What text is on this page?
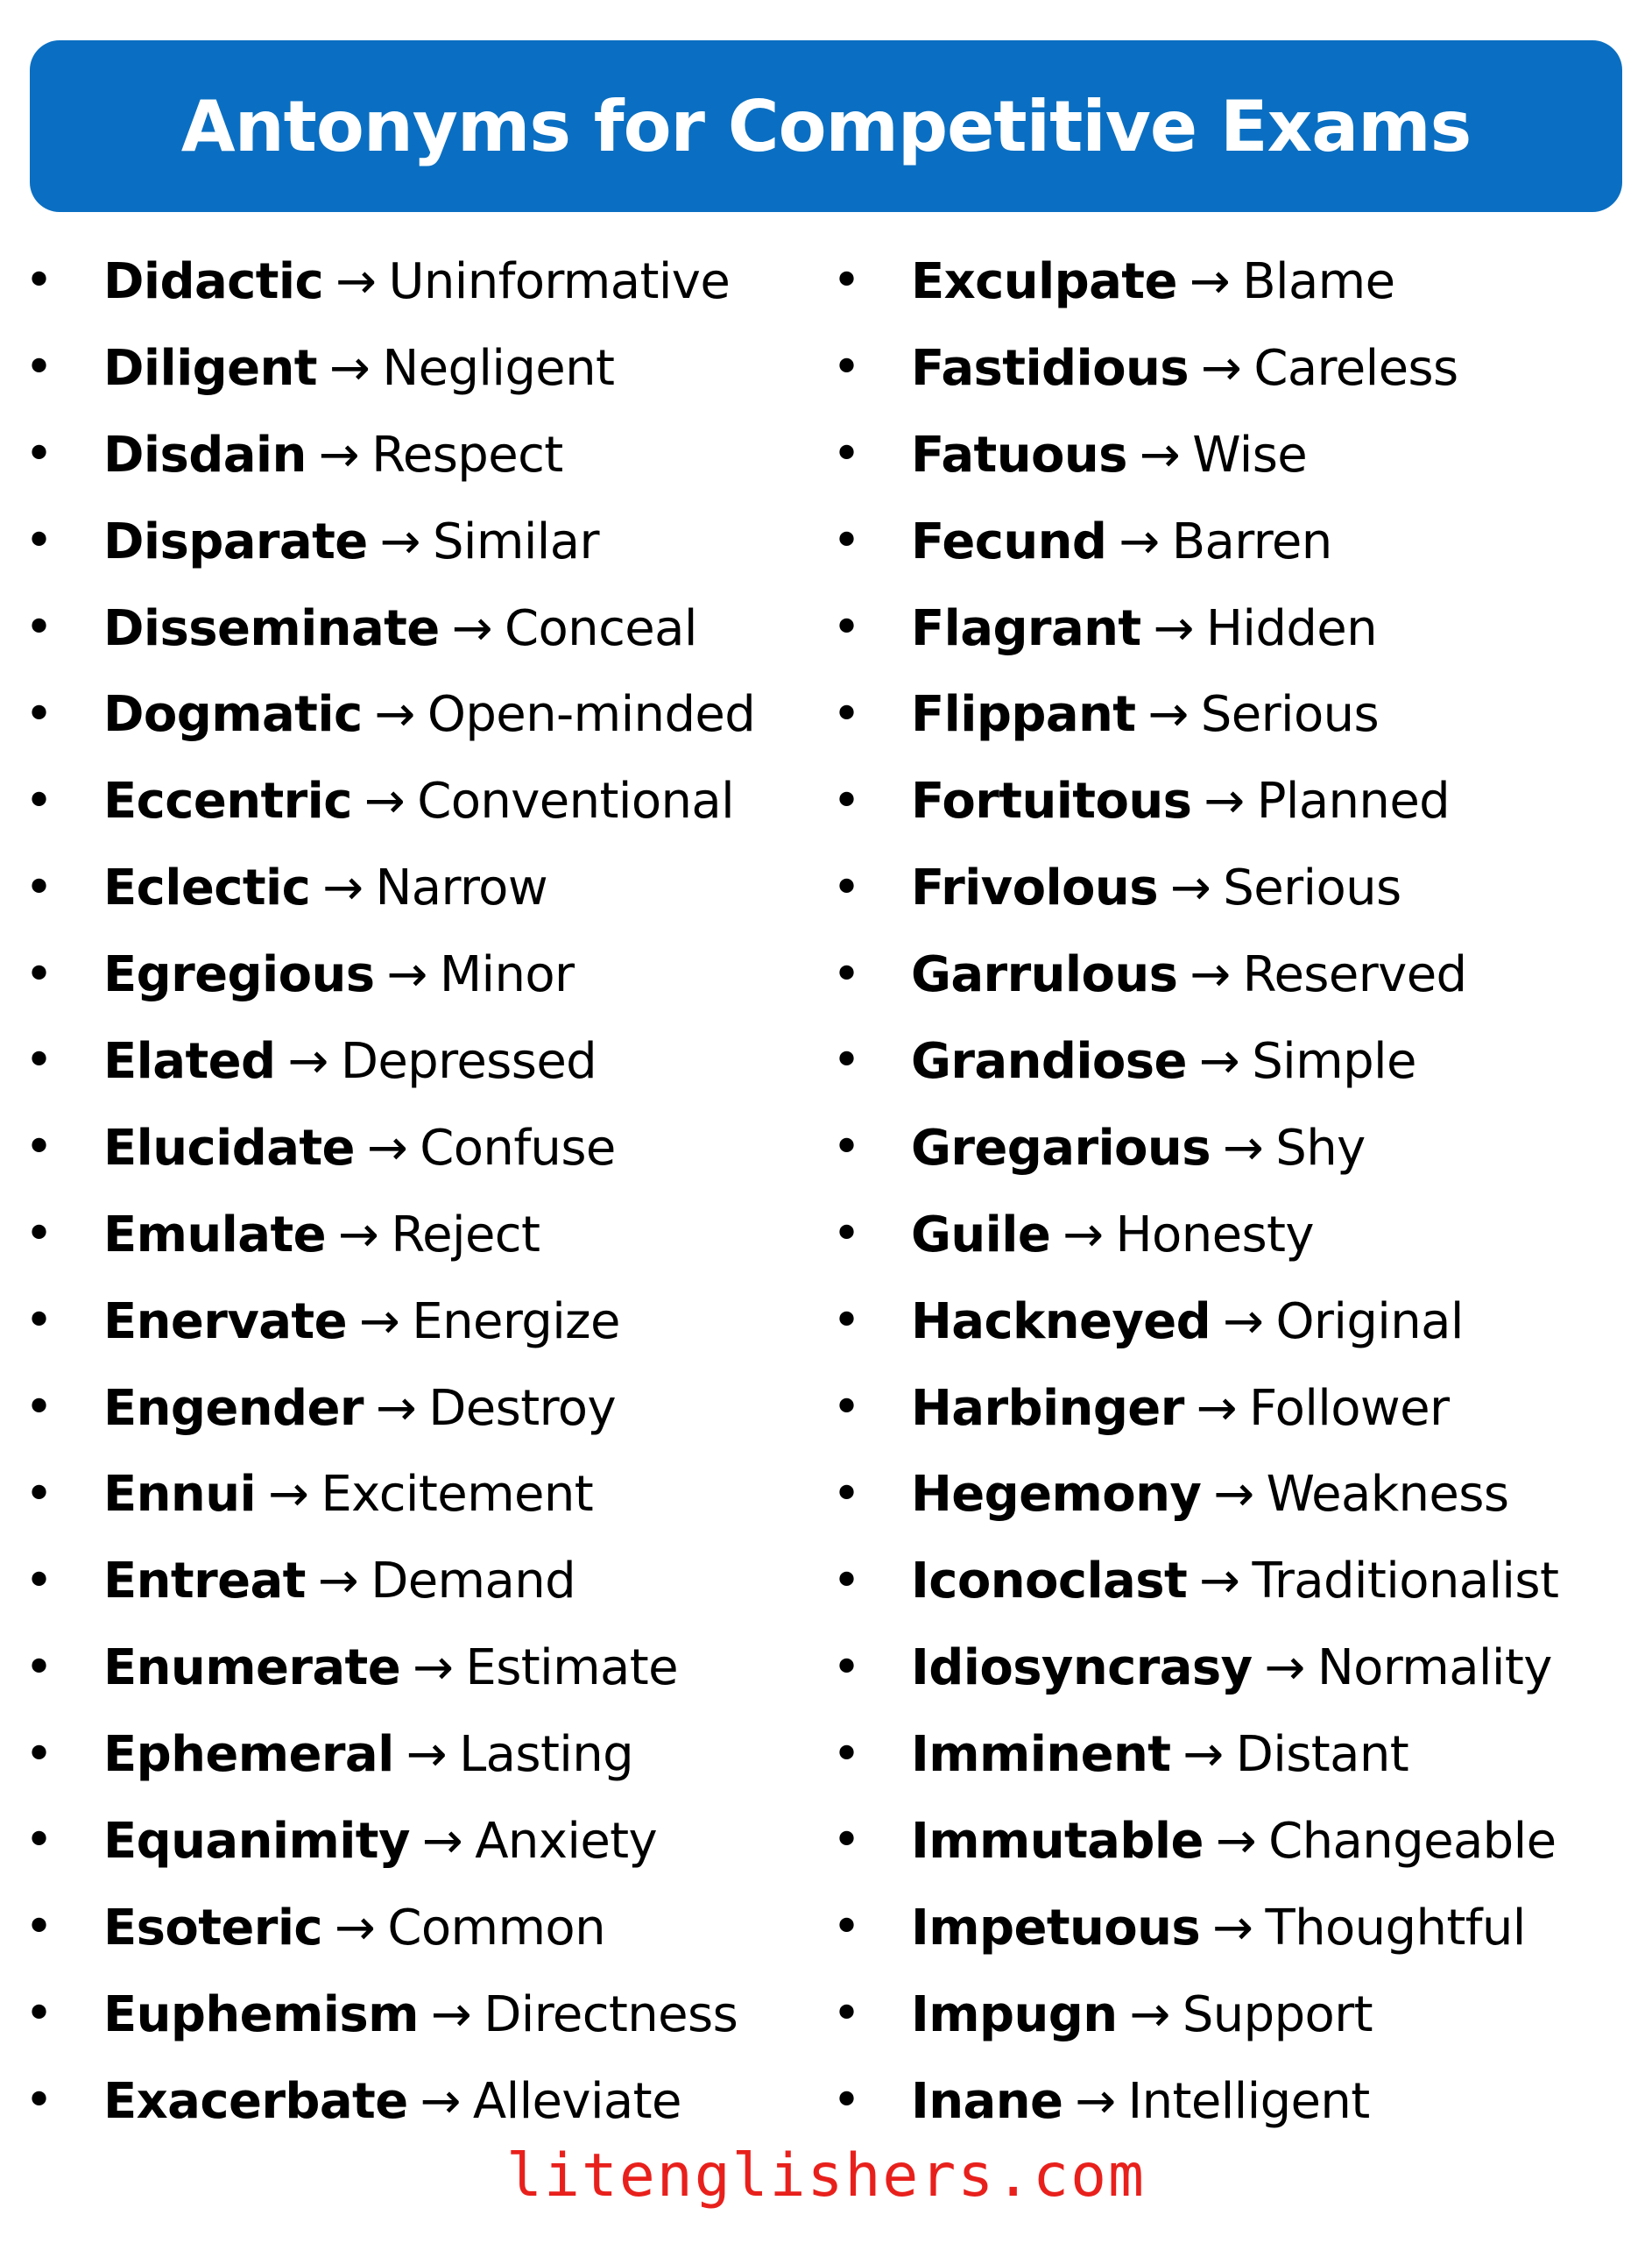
Antonyms for Competitive Exams
•	Didactic → Uninformative
•	Diligent → Negligent
•	Disdain → Respect
•	Disparate → Similar
•	Disseminate → Conceal
•	Dogmatic → Open-minded
•	Eccentric → Conventional
•	Eclectic → Narrow
•	Egregious → Minor
•	Elated → Depressed
•	Elucidate → Confuse
•	Emulate → Reject
•	Enervate → Energize
•	Engender → Destroy
•	Ennui → Excitement
•	Entreat → Demand
•	Enumerate → Estimate
•	Ephemeral → Lasting
•	Equanimity → Anxiety
•	Esoteric → Common
•	Euphemism → Directness
•	Exacerbate → Alleviate
•	Exculpate → Blame
•	Fastidious → Careless
•	Fatuous → Wise
•	Fecund → Barren
•	Flagrant → Hidden
•	Flippant → Serious
•	Fortuitous → Planned
•	Frivolous → Serious
•	Garrulous → Reserved
•	Grandiose → Simple
•	Gregarious → Shy
•	Guile → Honesty
•	Hackneyed → Original
•	Harbinger → Follower
•	Hegemony → Weakness
•	Iconoclast → Traditionalist
•	Idiosyncrasy → Normality
•	Imminent → Distant
•	Immutable → Changeable
•	Impetuous → Thoughtful
•	Impugn → Support
•	Inane → Intelligent
litenglishers.com
